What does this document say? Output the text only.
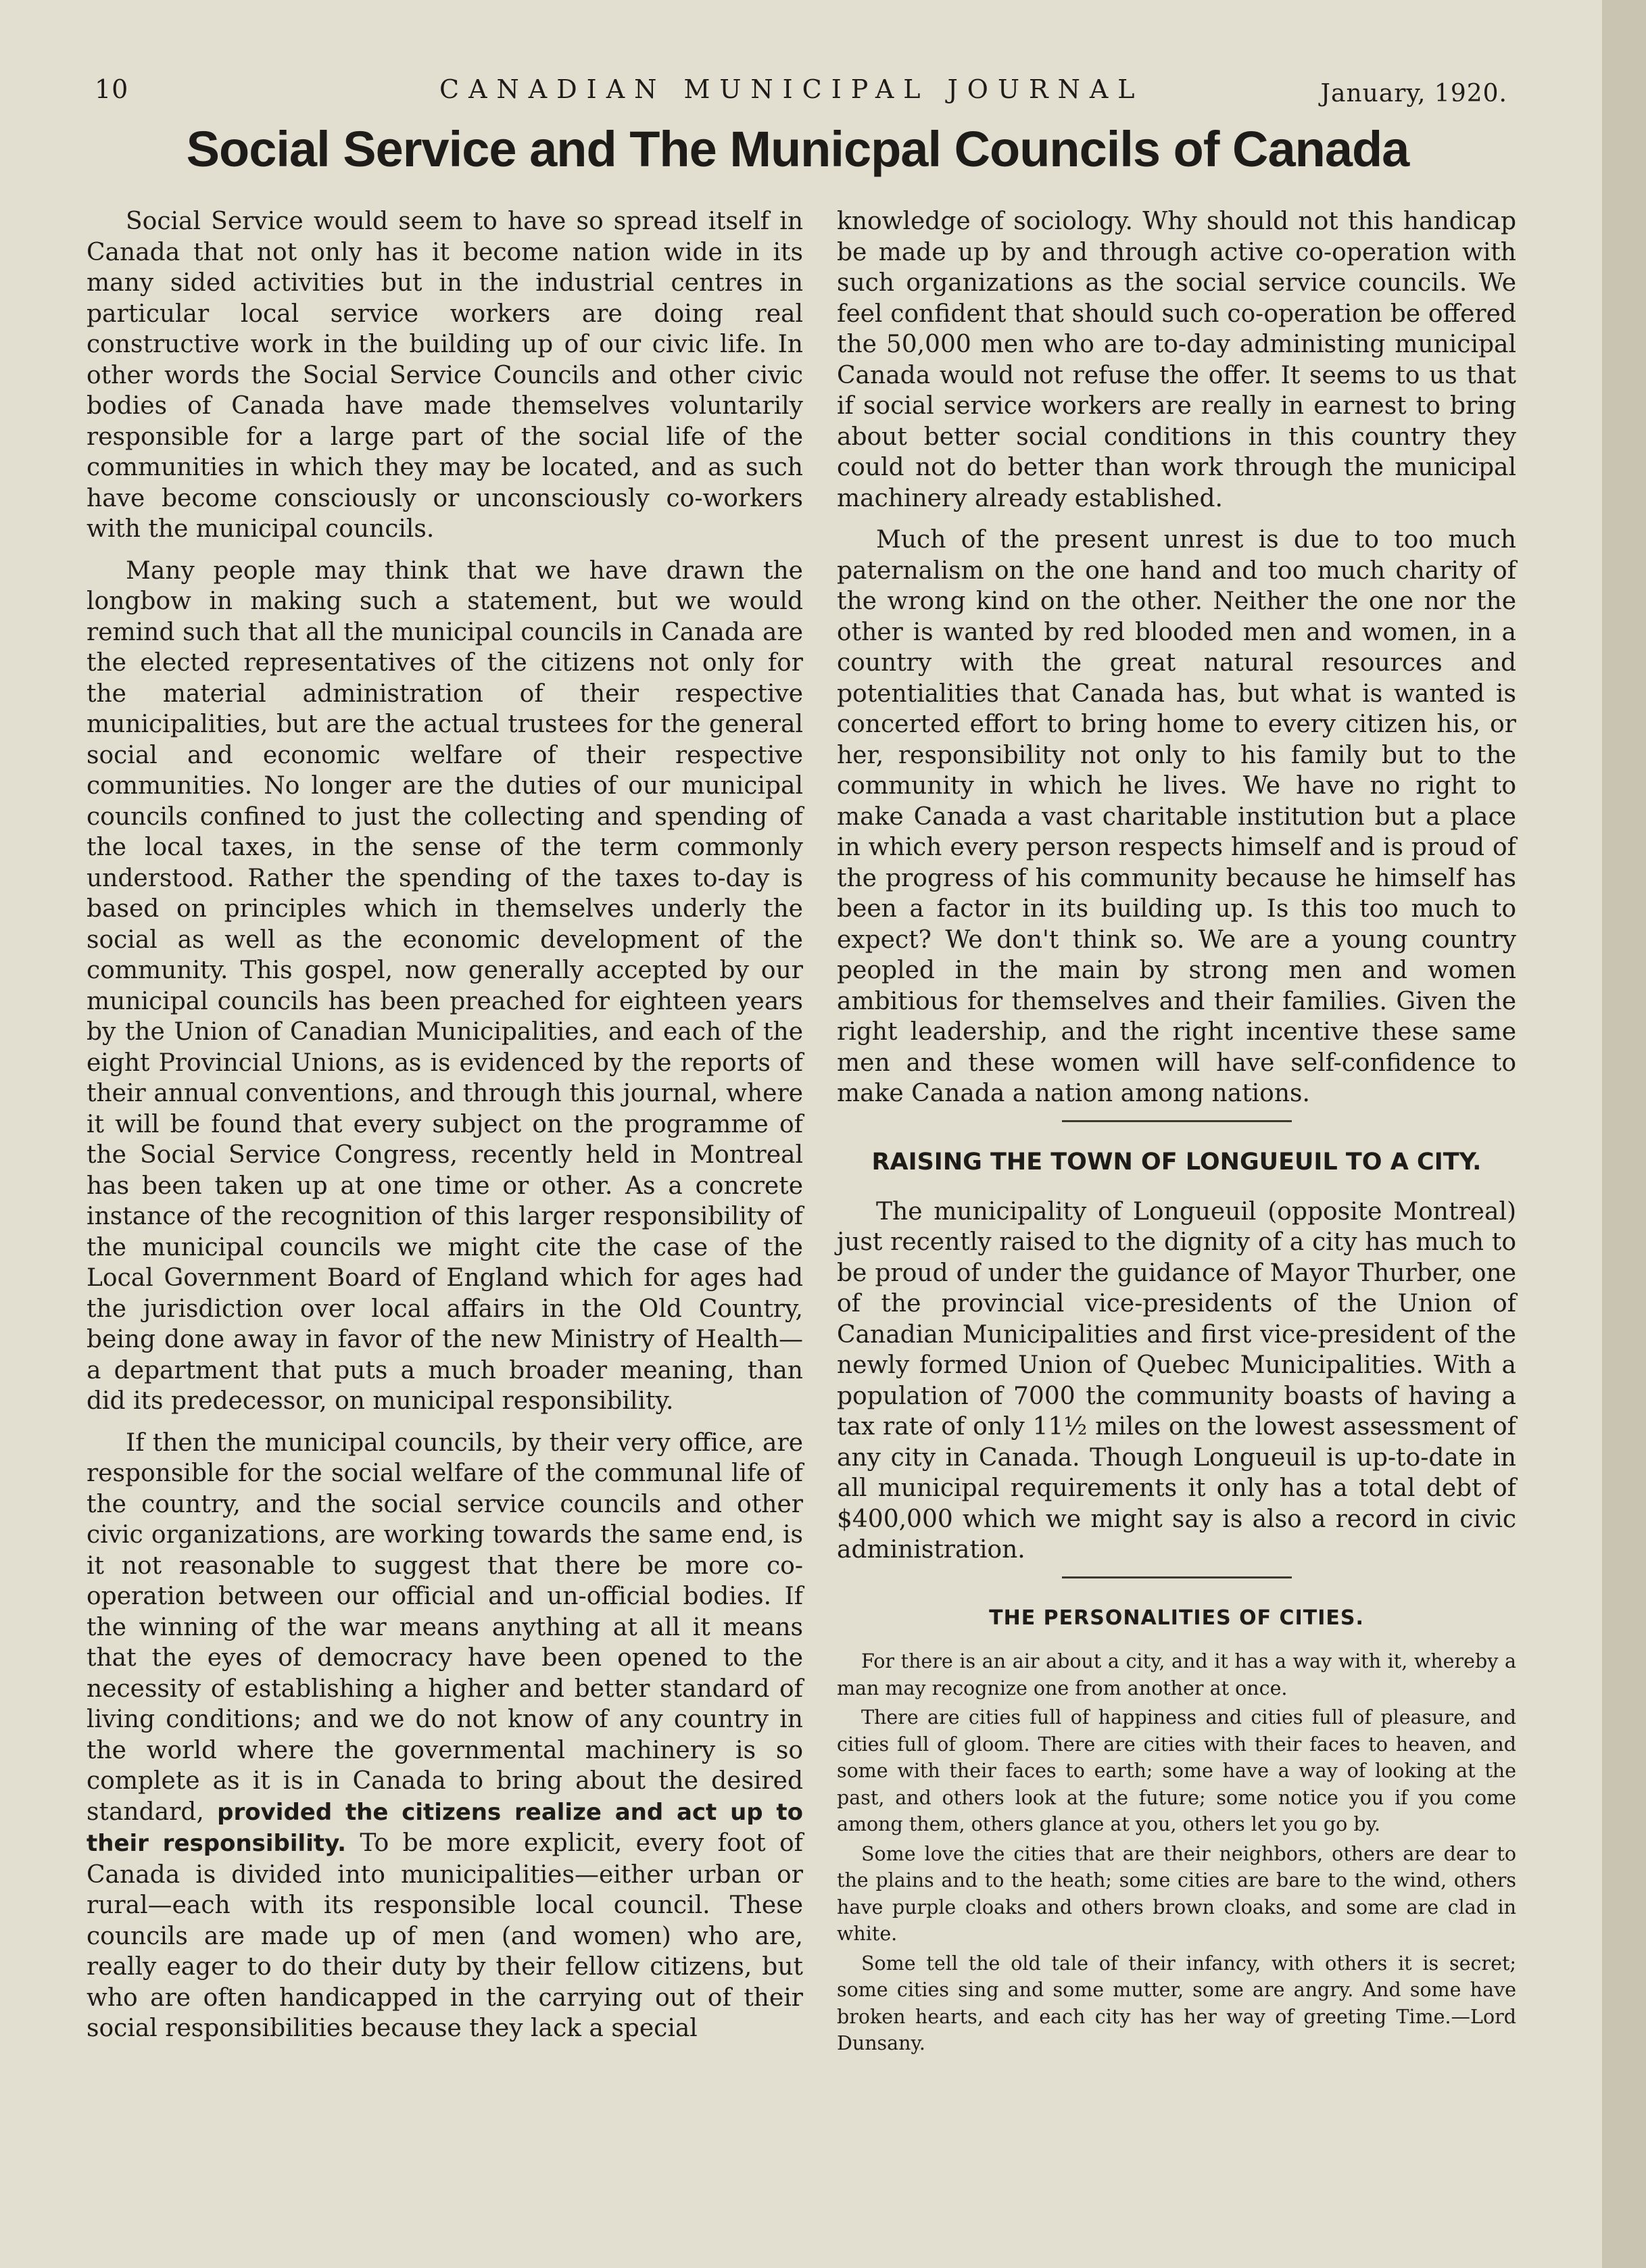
10	CANADIAN MUNICIPAL JOURNAL	January, 1920.
Social Service and The Municpal Councils of Canada

Social Service would seem to have so spread itself in Canada that not only has it become nation wide in its many sided activities but in the industrial centres in particular local service workers are doing real constructive work in the building up of our civic life. In other words the Social Service Councils and other civic bodies of Canada have made themselves voluntarily responsible for a large part of the social life of the communities in which they may be located, and as such have become consciously or unconsciously co-workers with the municipal councils.

Many people may think that we have drawn the longbow in making such a statement, but we would remind such that all the municipal councils in Canada are the elected representatives of the citizens not only for the material administration of their respective municipalities, but are the actual trustees for the general social and economic welfare of their respective communities. No longer are the duties of our municipal councils confined to just the collecting and spending of the local taxes, in the sense of the term commonly understood. Rather the spending of the taxes to-day is based on principles which in themselves underly the social as well as the economic development of the community. This gospel, now generally accepted by our municipal councils has been preached for eighteen years by the Union of Canadian Municipalities, and each of the eight Provincial Unions, as is evidenced by the reports of their annual conventions, and through this journal, where it will be found that every subject on the programme of the Social Service Congress, recently held in Montreal has been taken up at one time or other. As a concrete instance of the recognition of this larger responsibility of the municipal councils we might cite the case of the Local Government Board of England which for ages had the jurisdiction over local affairs in the Old Country, being done away in favor of the new Ministry of Health—a department that puts a much broader meaning, than did its predecessor, on municipal responsibility.

If then the municipal councils, by their very office, are responsible for the social welfare of the communal life of the country, and the social service councils and other civic organizations, are working towards the same end, is it not reasonable to suggest that there be more co-operation between our official and un-official bodies. If the winning of the war means anything at all it means that the eyes of democracy have been opened to the necessity of establishing a higher and better standard of living conditions; and we do not know of any country in the world where the governmental machinery is so complete as it is in Canada to bring about the desired standard, provided the citizens realize and act up to their responsibility. To be more explicit, every foot of Canada is divided into municipalities—either urban or rural—each with its responsible local council. These councils are made up of men (and women) who are, really eager to do their duty by their fellow citizens, but who are often handicapped in the carrying out of their social responsibilities because they lack a special

knowledge of sociology. Why should not this handicap be made up by and through active co-operation with such organizations as the social service councils. We feel confident that should such co-operation be offered the 50,000 men who are to-day administing municipal Canada would not refuse the offer. It seems to us that if social service workers are really in earnest to bring about better social conditions in this country they could not do better than work through the municipal machinery already established.

Much of the present unrest is due to too much paternalism on the one hand and too much charity of the wrong kind on the other. Neither the one nor the other is wanted by red blooded men and women, in a country with the great natural resources and potentialities that Canada has, but what is wanted is concerted effort to bring home to every citizen his, or her, responsibility not only to his family but to the community in which he lives. We have no right to make Canada a vast charitable institution but a place in which every person respects himself and is proud of the progress of his community because he himself has been a factor in its building up. Is this too much to expect? We don't think so. We are a young country peopled in the main by strong men and women ambitious for themselves and their families. Given the right leadership, and the right incentive these same men and these women will have self-confidence to make Canada a nation among nations.

RAISING THE TOWN OF LONGUEUIL TO A CITY.

The municipality of Longueuil (opposite Montreal) just recently raised to the dignity of a city has much to be proud of under the guidance of Mayor Thurber, one of the provincial vice-presidents of the Union of Canadian Municipalities and first vice-president of the newly formed Union of Quebec Municipalities. With a population of 7000 the community boasts of having a tax rate of only 11½ miles on the lowest assessment of any city in Canada. Though Longueuil is up-to-date in all municipal requirements it only has a total debt of $400,000 which we might say is also a record in civic administration.

THE PERSONALITIES OF CITIES.

For there is an air about a city, and it has a way with it, whereby a man may recognize one from another at once.

There are cities full of happiness and cities full of pleasure, and cities full of gloom. There are cities with their faces to heaven, and some with their faces to earth; some have a way of looking at the past, and others look at the future; some notice you if you come among them, others glance at you, others let you go by.

Some love the cities that are their neighbors, others are dear to the plains and to the heath; some cities are bare to the wind, others have purple cloaks and others brown cloaks, and some are clad in white.

Some tell the old tale of their infancy, with others it is secret; some cities sing and some mutter, some are angry. And some have broken hearts, and each city has her way of greeting Time.—Lord Dunsany.
